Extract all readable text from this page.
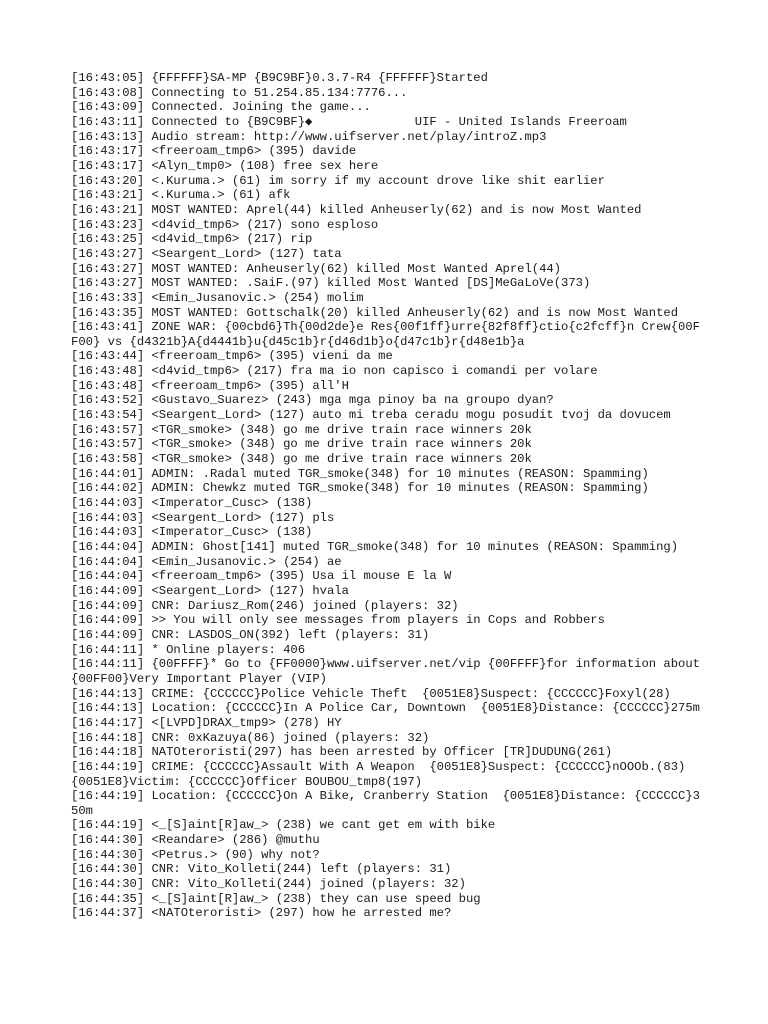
[16:43:05] {FFFFFF}SA-MP {B9C9BF}0.3.7-R4 {FFFFFF}Started
[16:43:08] Connecting to 51.254.85.134:7776...
[16:43:09] Connected. Joining the game...
[16:43:11] Connected to {B9C9BF}◆              UIF - United Islands Freeroam
[16:43:13] Audio stream: http://www.uifserver.net/play/introZ.mp3
[16:43:17] <freeroam_tmp6> (395) davide
[16:43:17] <Alyn_tmp0> (108) free sex here
[16:43:20] <.Kuruma.> (61) im sorry if my account drove like shit earlier
[16:43:21] <.Kuruma.> (61) afk
[16:43:21] MOST WANTED: Aprel(44) killed Anheuserly(62) and is now Most Wanted
[16:43:23] <d4vid_tmp6> (217) sono esploso
[16:43:25] <d4vid_tmp6> (217) rip
[16:43:27] <Seargent_Lord> (127) tata
[16:43:27] MOST WANTED: Anheuserly(62) killed Most Wanted Aprel(44)
[16:43:27] MOST WANTED: .SaiF.(97) killed Most Wanted [DS]MeGaLoVe(373)
[16:43:33] <Emin_Jusanovic.> (254) molim
[16:43:35] MOST WANTED: Gottschalk(20) killed Anheuserly(62) and is now Most Wanted
[16:43:41] ZONE WAR: {00cbd6}Th{00d2de}e Res{00f1ff}urre{82f8ff}ctio{c2fcff}n Crew{00FF00} vs {d4321b}A{d4441b}u{d45c1b}r{d46d1b}o{d47c1b}r{d48e1b}a
[16:43:44] <freeroam_tmp6> (395) vieni da me
[16:43:48] <d4vid_tmp6> (217) fra ma io non capisco i comandi per volare
[16:43:48] <freeroam_tmp6> (395) all'H
[16:43:52] <Gustavo_Suarez> (243) mga mga pinoy ba na groupo dyan?
[16:43:54] <Seargent_Lord> (127) auto mi treba ceradu mogu posudit tvoj da dovucem
[16:43:57] <TGR_smoke> (348) go me drive train race winners 20k
[16:43:57] <TGR_smoke> (348) go me drive train race winners 20k
[16:43:58] <TGR_smoke> (348) go me drive train race winners 20k
[16:44:01] ADMIN: .Radal muted TGR_smoke(348) for 10 minutes (REASON: Spamming)
[16:44:02] ADMIN: Chewkz muted TGR_smoke(348) for 10 minutes (REASON: Spamming)
[16:44:03] <Imperator_Cusc> (138)
[16:44:03] <Seargent_Lord> (127) pls
[16:44:03] <Imperator_Cusc> (138)
[16:44:04] ADMIN: Ghost[141] muted TGR_smoke(348) for 10 minutes (REASON: Spamming)
[16:44:04] <Emin_Jusanovic.> (254) ae
[16:44:04] <freeroam_tmp6> (395) Usa il mouse E la W
[16:44:09] <Seargent_Lord> (127) hvala
[16:44:09] CNR: Dariusz_Rom(246) joined (players: 32)
[16:44:09] >> You will only see messages from players in Cops and Robbers
[16:44:09] CNR: LASDOS_ON(392) left (players: 31)
[16:44:11] * Online players: 406
[16:44:11] {00FFFF}* Go to {FF0000}www.uifserver.net/vip {00FFFF}for information about {00FF00}Very Important Player (VIP)
[16:44:13] CRIME: {CCCCCC}Police Vehicle Theft  {0051E8}Suspect: {CCCCCC}Foxyl(28)
[16:44:13] Location: {CCCCCC}In A Police Car, Downtown  {0051E8}Distance: {CCCCCC}275m
[16:44:17] <[LVPD]DRAX_tmp9> (278) HY
[16:44:18] CNR: 0xKazuya(86) joined (players: 32)
[16:44:18] NATOteroristi(297) has been arrested by Officer [TR]DUDUNG(261)
[16:44:19] CRIME: {CCCCCC}Assault With A Weapon  {0051E8}Suspect: {CCCCCC}nOOOb.(83)  {0051E8}Victim: {CCCCCC}Officer BOUBOU_tmp8(197)
[16:44:19] Location: {CCCCCC}On A Bike, Cranberry Station  {0051E8}Distance: {CCCCCC}350m
[16:44:19] <_[S]aint[R]aw_> (238) we cant get em with bike
[16:44:30] <Reandare> (286) @muthu
[16:44:30] <Petrus.> (90) why not?
[16:44:30] CNR: Vito_Kolleti(244) left (players: 31)
[16:44:30] CNR: Vito_Kolleti(244) joined (players: 32)
[16:44:35] <_[S]aint[R]aw_> (238) they can use speed bug
[16:44:37] <NATOteroristi> (297) how he arrested me?
